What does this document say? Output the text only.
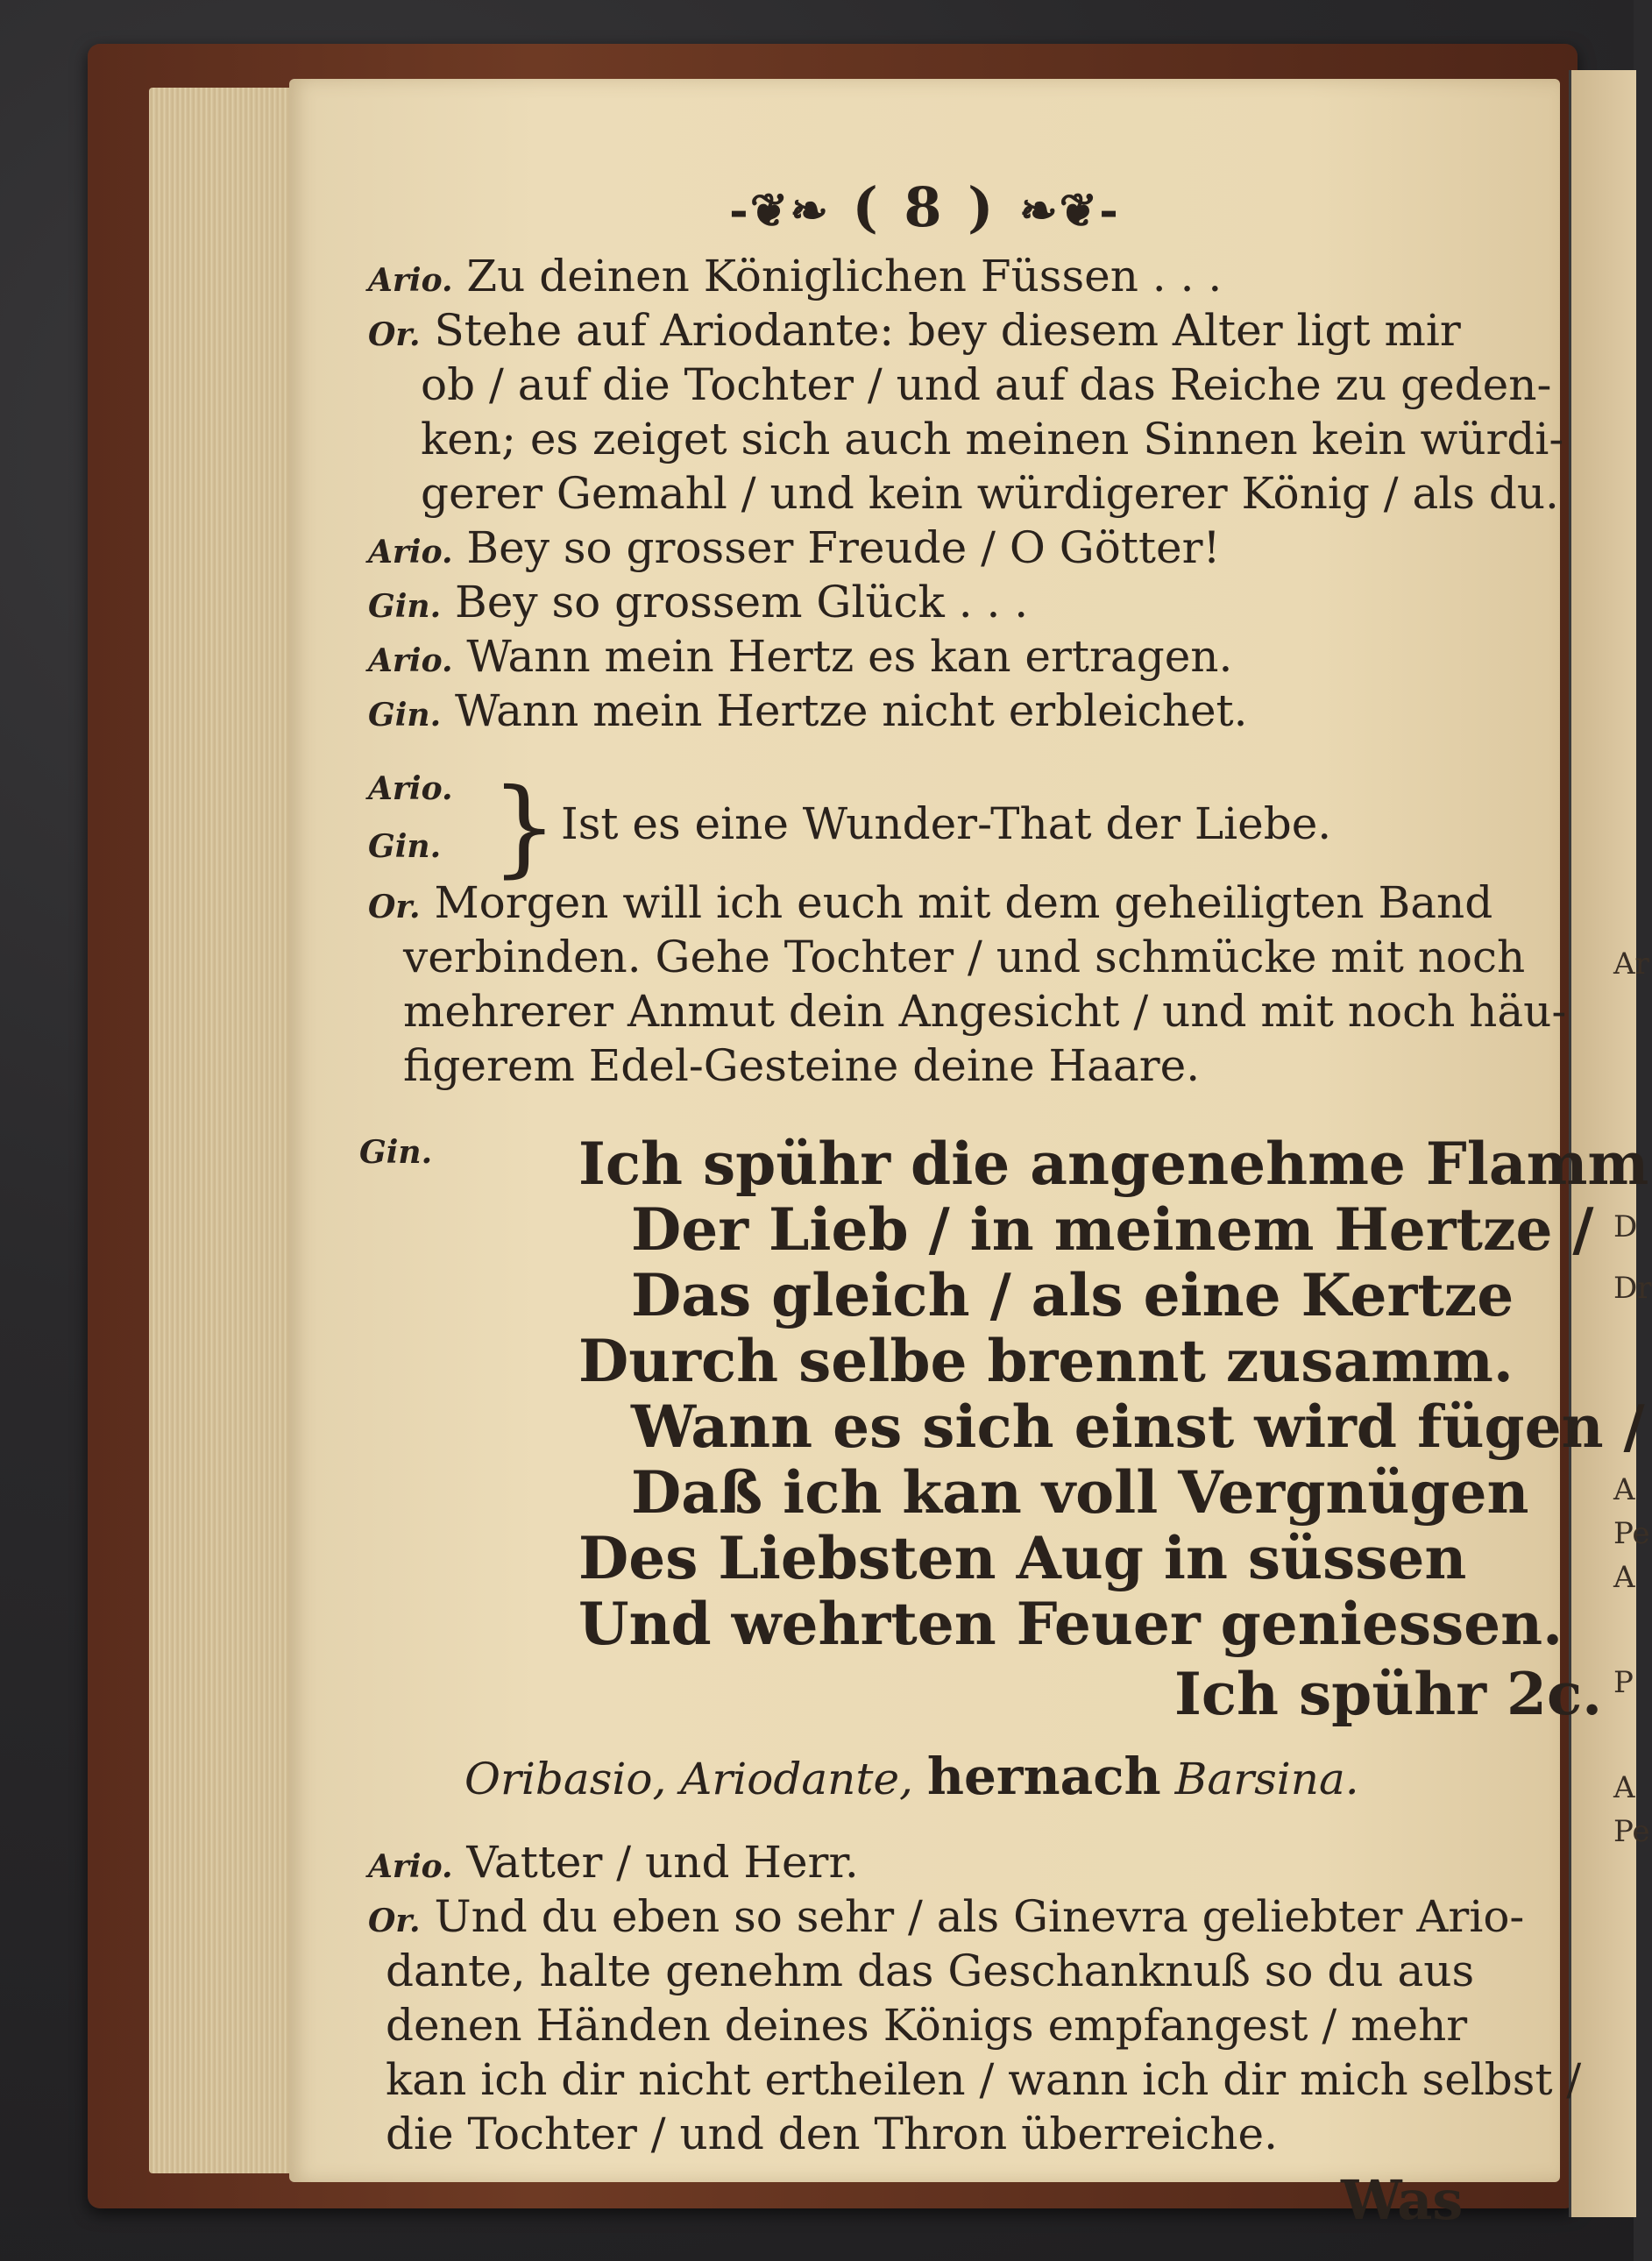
Ar
D
Dr
A
Pe
A
P
A
Pe
-❦❧ ( 8 ) ❧❦-
Ario. Zu deinen Königlichen Füssen . . .
Or. Stehe auf Ariodante: bey diesem Alter ligt mir
ob / auf die Tochter / und auf das Reiche zu geden-
ken; es zeiget sich auch meinen Sinnen kein würdi-
gerer Gemahl / und kein würdigerer König / als du.
Ario. Bey so grosser Freude / O Götter!
Gin. Bey so grossem Glück . . .
Ario. Wann mein Hertz es kan ertragen.
Gin. Wann mein Hertze nicht erbleichet.
Ario.
Gin. } Ist es eine Wunder-That der Liebe.
Or. Morgen will ich euch mit dem geheiligten Band
verbinden. Gehe Tochter / und schmücke mit noch
mehrerer Anmut dein Angesicht / und mit noch häu-
figerem Edel-Gesteine deine Haare.
Gin.	Ich spühr die angenehme Flamm
Der Lieb / in meinem Hertze /
Das gleich / als eine Kertze
Durch selbe brennt zusamm.
Wann es sich einst wird fügen /
Daß ich kan voll Vergnügen
Des Liebsten Aug in süssen
Und wehrten Feuer geniessen.
Ich spühr 2c.
Oribasio, Ariodante, hernach Barsina.
Ario. Vatter / und Herr.
Or. Und du eben so sehr / als Ginevra geliebter Ario-
dante, halte genehm das Geschanknuß so du aus
denen Händen deines Königs empfangest / mehr
kan ich dir nicht ertheilen / wann ich dir mich selbst /
die Tochter / und den Thron überreiche.
Was
